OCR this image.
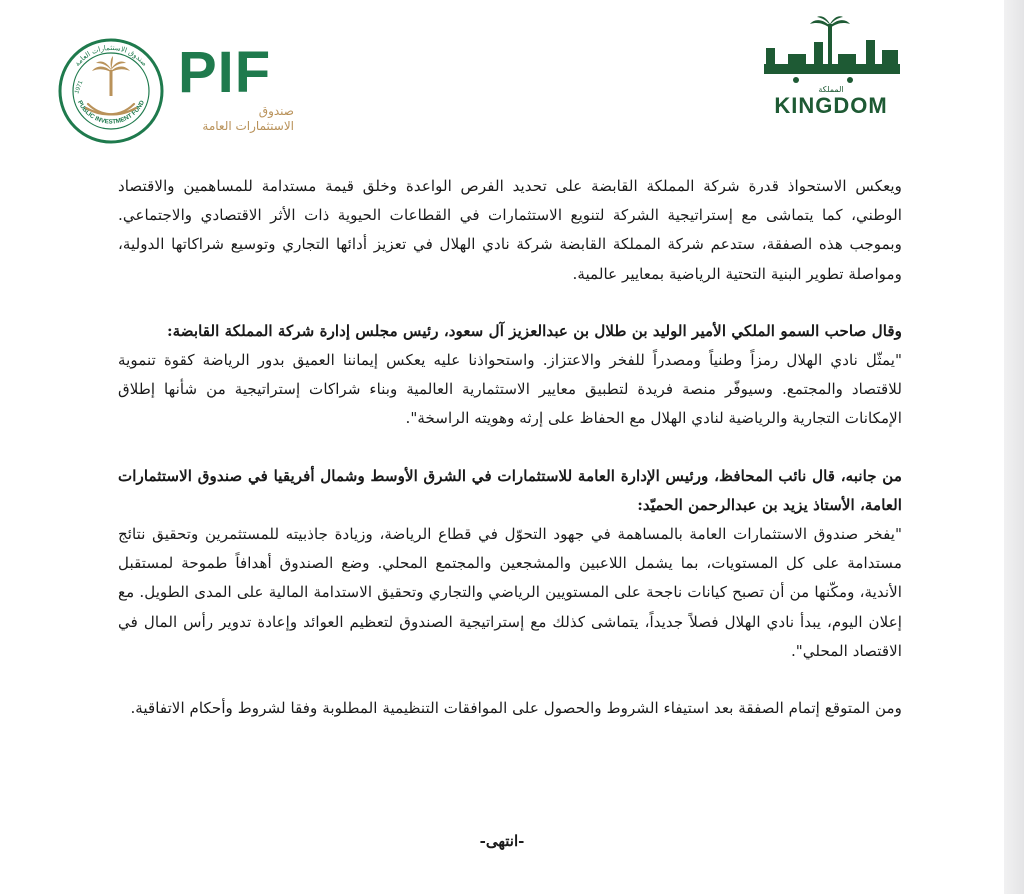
صندوق الاستثمارات العامة
PUBLIC INVESTMENT FUND
1971 PIF
صندوق
الاستثمارات العامة
المملكة
KINGDOM

ويعكس الاستحواذ قدرة شركة المملكة القابضة على تحديد الفرص الواعدة وخلق قيمة مستدامة للمساهمين والاقتصاد الوطني، كما يتماشى مع إستراتيجية الشركة لتنويع الاستثمارات في القطاعات الحيوية ذات الأثر الاقتصادي والاجتماعي. وبموجب هذه الصفقة، ستدعم شركة المملكة القابضة شركة نادي الهلال في تعزيز أدائها التجاري وتوسيع شراكاتها الدولية، ومواصلة تطوير البنية التحتية الرياضية بمعايير عالمية.

وقال صاحب السمو الملكي الأمير الوليد بن طلال بن عبدالعزيز آل سعود، رئيس مجلس إدارة شركة المملكة القابضة:

"يمثّل نادي الهلال رمزاً وطنياً ومصدراً للفخر والاعتزاز. واستحواذنا عليه يعكس إيماننا العميق بدور الرياضة كقوة تنموية للاقتصاد والمجتمع. وسيوفّر منصة فريدة لتطبيق معايير الاستثمارية العالمية وبناء شراكات إستراتيجية من شأنها إطلاق الإمكانات التجارية والرياضية لنادي الهلال مع الحفاظ على إرثه وهويته الراسخة".

من جانبه، قال نائب المحافظ، ورئيس الإدارة العامة للاستثمارات في الشرق الأوسط وشمال أفريقيا في صندوق الاستثمارات العامة، الأستاذ يزيد بن عبدالرحمن الحميّد:

"يفخر صندوق الاستثمارات العامة بالمساهمة في جهود التحوّل في قطاع الرياضة، وزيادة جاذبيته للمستثمرين وتحقيق نتائج مستدامة على كل المستويات، بما يشمل اللاعبين والمشجعين والمجتمع المحلي. وضع الصندوق أهدافاً طموحة لمستقبل الأندية، ومكّنها من أن تصبح كيانات ناجحة على المستويين الرياضي والتجاري وتحقيق الاستدامة المالية على المدى الطويل. مع إعلان اليوم، يبدأ نادي الهلال فصلاً جديداً، يتماشى كذلك مع إستراتيجية الصندوق لتعظيم العوائد وإعادة تدوير رأس المال في الاقتصاد المحلي".

ومن المتوقع إتمام الصفقة بعد استيفاء الشروط والحصول على الموافقات التنظيمية المطلوبة وفقا لشروط وأحكام الاتفاقية.

-انتهى-
